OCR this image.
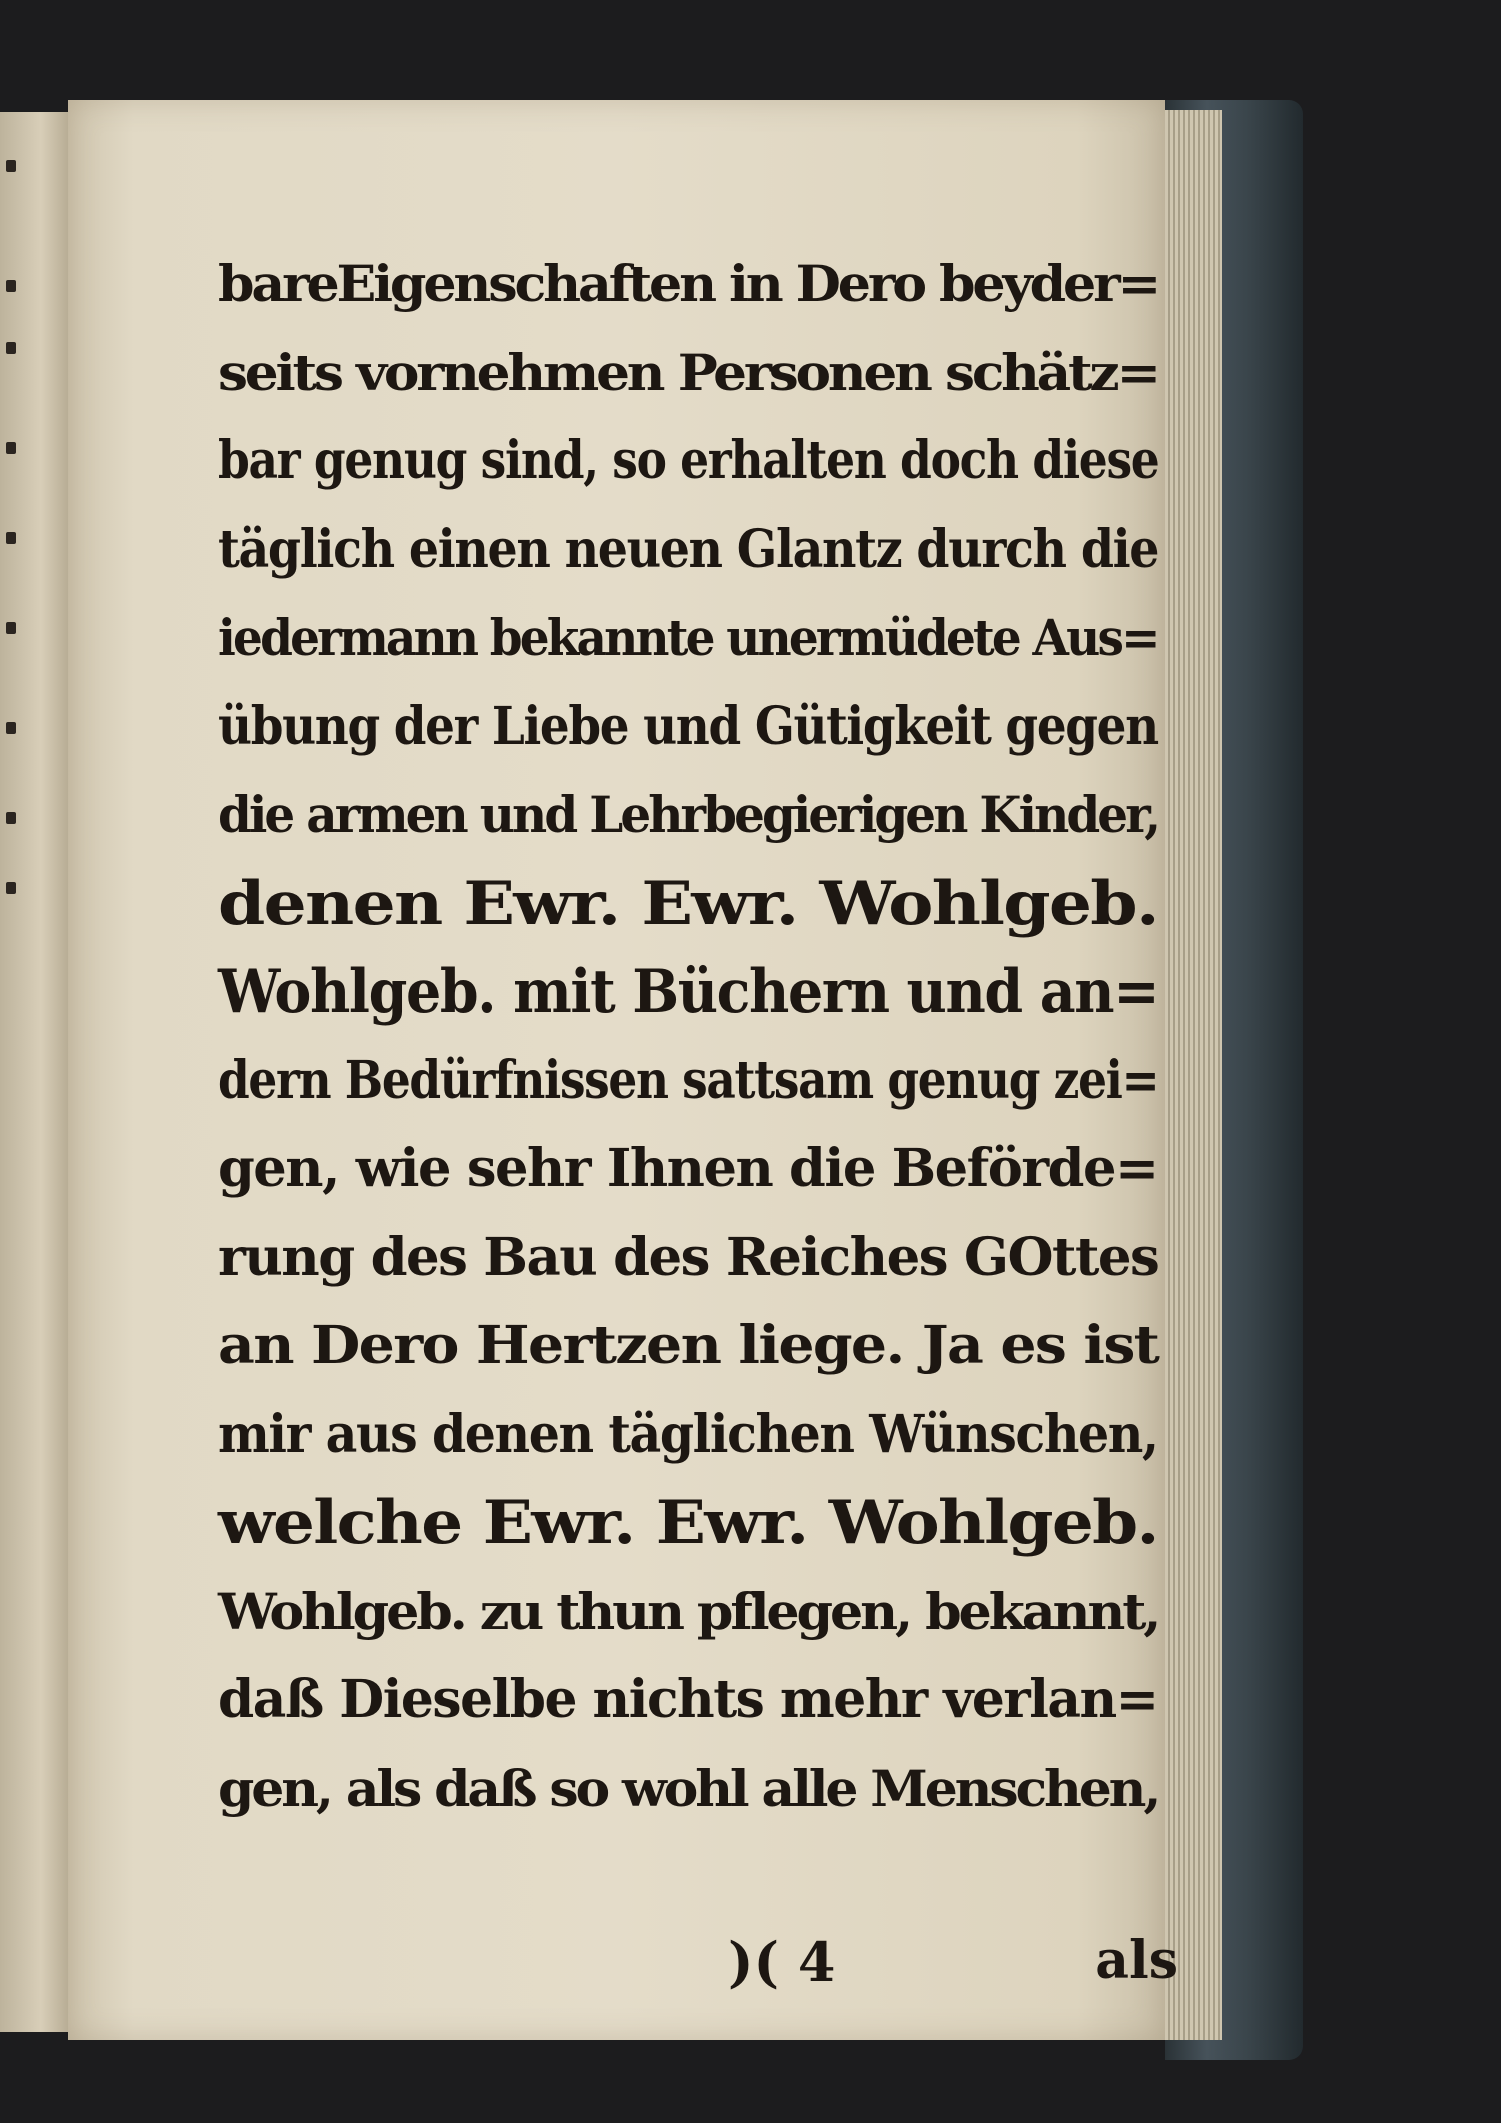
bareEigenschaften in Dero beyder=
seits vornehmen Personen schätz=
bar genug sind, so erhalten doch diese
täglich einen neuen Glantz durch die
iedermann bekannte unermüdete Aus=
übung der Liebe und Gütigkeit gegen
die armen und Lehrbegierigen Kinder,
denen Ewr. Ewr. Wohlgeb.
Wohlgeb. mit Büchern und an=
dern Bedürfnissen sattsam genug zei=
gen, wie sehr Ihnen die Beförde=
rung des Bau des Reiches GOttes
an Dero Hertzen liege. Ja es ist
mir aus denen täglichen Wünschen,
welche Ewr. Ewr. Wohlgeb.
Wohlgeb. zu thun pflegen, bekannt,
daß Dieselbe nichts mehr verlan=
gen, als daß so wohl alle Menschen,
)( 4	als
